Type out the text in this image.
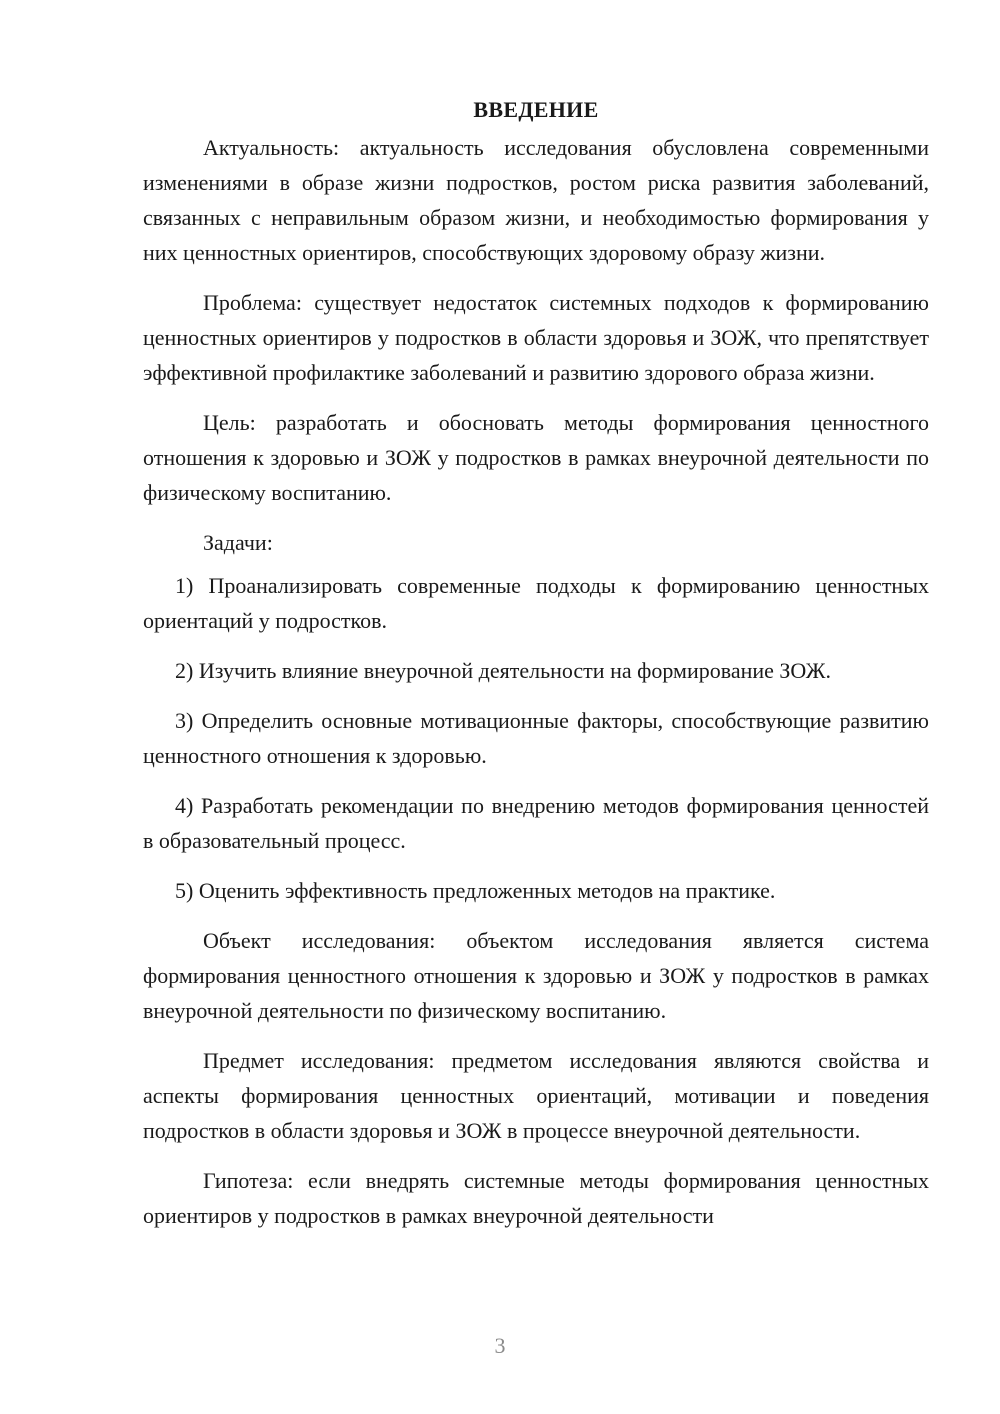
ВВЕДЕНИЕ

Актуальность: актуальность исследования обусловлена современными изменениями в образе жизни подростков, ростом риска развития заболеваний, связанных с неправильным образом жизни, и необходимостью формирования у них ценностных ориентиров, способствующих здоровому образу жизни.

Проблема: существует недостаток системных подходов к формированию ценностных ориентиров у подростков в области здоровья и ЗОЖ, что препятствует эффективной профилактике заболеваний и развитию здорового образа жизни.

Цель: разработать и обосновать методы формирования ценностного отношения к здоровью и ЗОЖ у подростков в рамках внеурочной деятельности по физическому воспитанию.

Задачи:

1) Проанализировать современные подходы к формированию ценностных ориентаций у подростков.

2) Изучить влияние внеурочной деятельности на формирование ЗОЖ.

3) Определить основные мотивационные факторы, способствующие развитию ценностного отношения к здоровью.

4) Разработать рекомендации по внедрению методов формирования ценностей в образовательный процесс.

5) Оценить эффективность предложенных методов на практике.

Объект исследования: объектом исследования является система формирования ценностного отношения к здоровью и ЗОЖ у подростков в рамках внеурочной деятельности по физическому воспитанию.

Предмет исследования: предметом исследования являются свойства и аспекты формирования ценностных ориентаций, мотивации и поведения подростков в области здоровья и ЗОЖ в процессе внеурочной деятельности.

Гипотеза: если внедрять системные методы формирования ценностных ориентиров у подростков в рамках внеурочной деятельности

3
